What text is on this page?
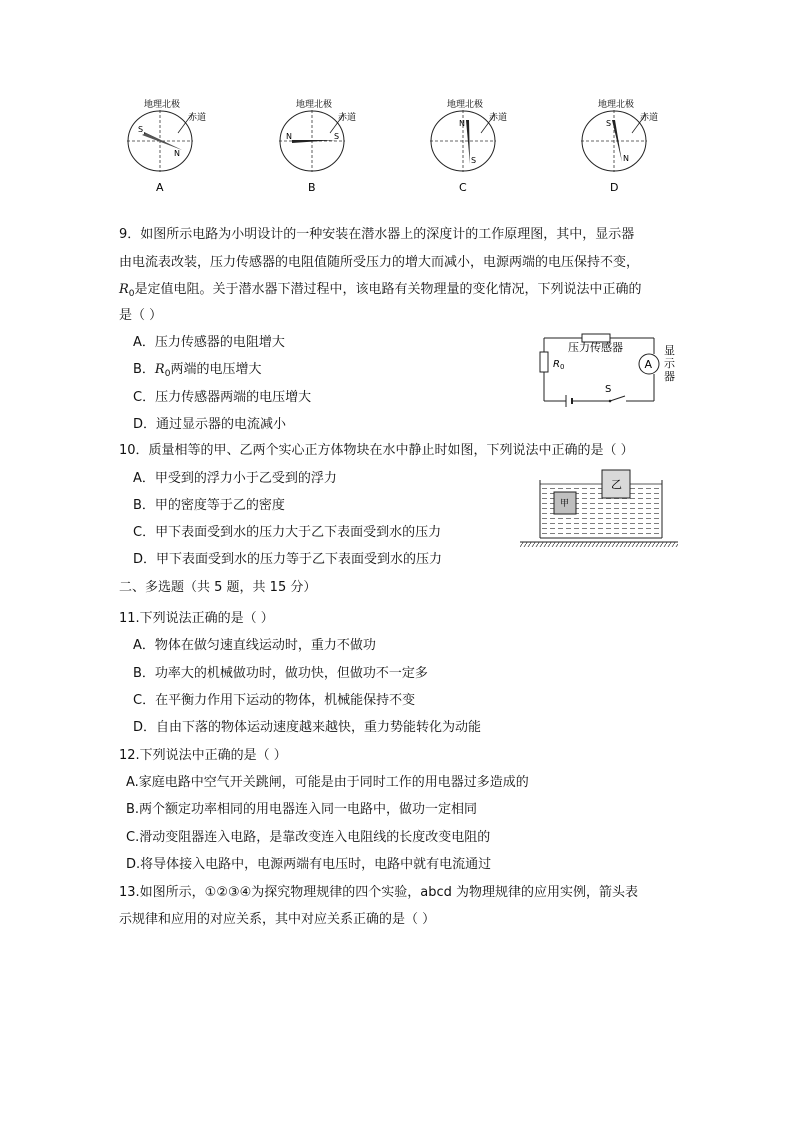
地理北极
赤道
S
N
A
地理北极
赤道
N	S
B
地理北极
赤道
N
S
C
地理北极
赤道
S
N
D
9．如图所示电路为小明设计的一种安装在潜水器上的深度计的工作原理图，其中，显示器
由电流表改装，压力传感器的电阻值随所受压力的增大而减小，电源两端的电压保持不变，
$R_0$是定值电阻。关于潜水器下潜过程中，该电路有关物理量的变化情况，下列说法中正确的
是（ ）
A．压力传感器的电阻增大
B．$R_0$两端的电压增大
C．压力传感器两端的电压增大
D．通过显示器的电流减小
压力传感器
R 0	A
显
示
器
S
10．质量相等的甲、乙两个实心正方体物块在水中静止时如图，下列说法中正确的是（ ）
A．甲受到的浮力小于乙受到的浮力
B．甲的密度等于乙的密度
C．甲下表面受到水的压力大于乙下表面受到水的压力
D．甲下表面受到水的压力等于乙下表面受到水的压力
乙
甲
二、多选题（共 5 题，共 15 分）
11.下列说法正确的是（ ）
A．物体在做匀速直线运动时，重力不做功
B．功率大的机械做功时，做功快，但做功不一定多
C．在平衡力作用下运动的物体，机械能保持不变
D．自由下落的物体运动速度越来越快，重力势能转化为动能
12.下列说法中正确的是（ ）
A.家庭电路中空气开关跳闸，可能是由于同时工作的用电器过多造成的
B.两个额定功率相同的用电器连入同一电路中，做功一定相同
C.滑动变阻器连入电路，是靠改变连入电阻线的长度改变电阻的
D.将导体接入电路中，电源两端有电压时，电路中就有电流通过
13.如图所示，①②③④为探究物理规律的四个实验，abcd 为物理规律的应用实例，箭头表
示规律和应用的对应关系，其中对应关系正确的是（ ）
